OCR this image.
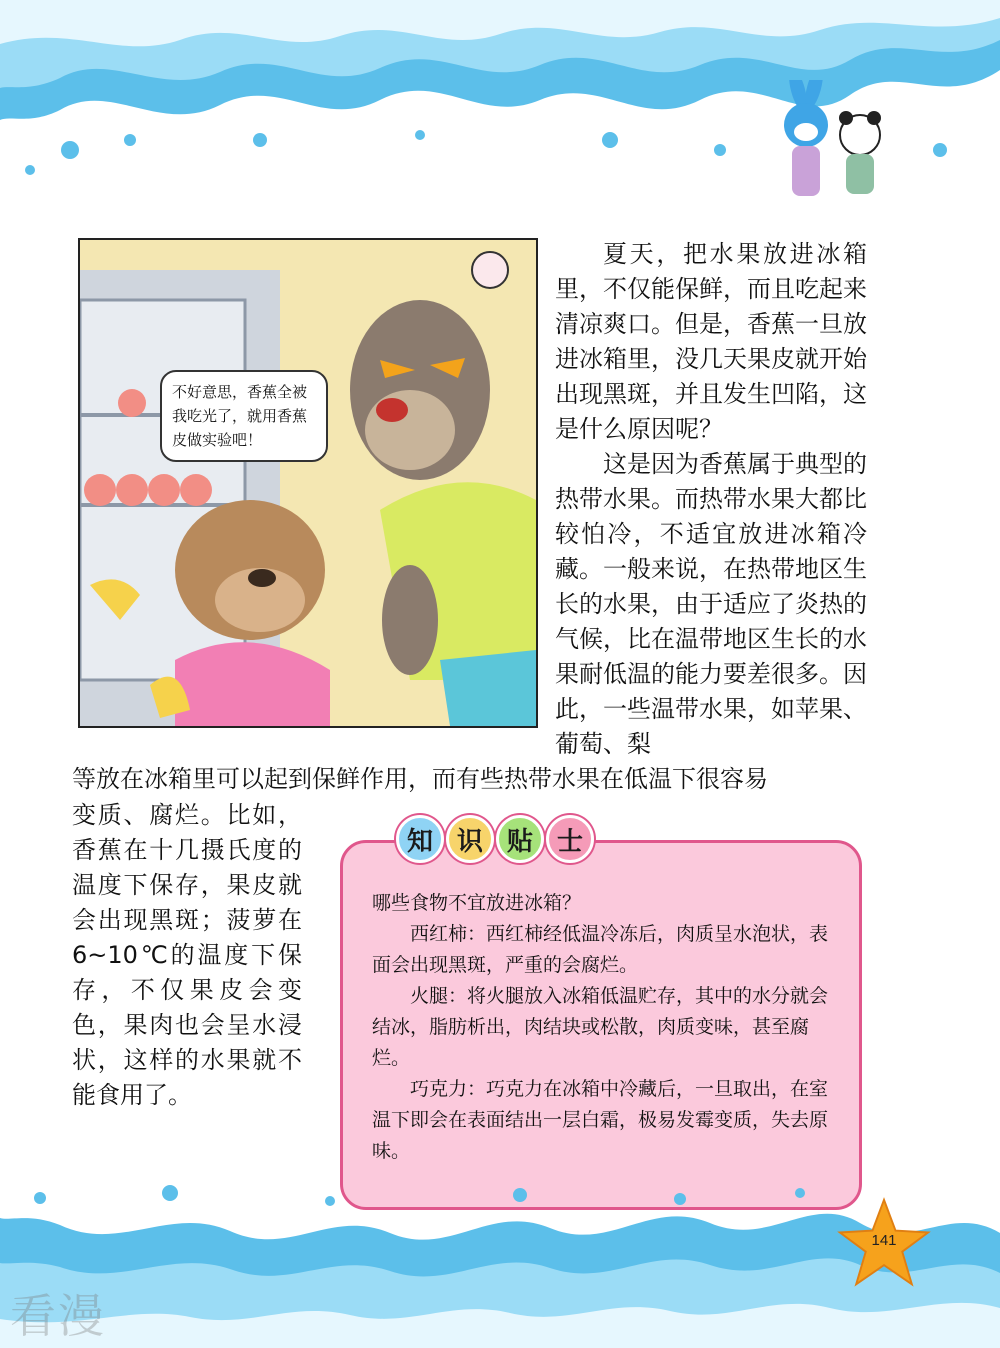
不好意思，香蕉全被我吃光了，就用香蕉皮做实验吧！

夏天，把水果放进冰箱里，不仅能保鲜，而且吃起来清凉爽口。但是，香蕉一旦放进冰箱里，没几天果皮就开始出现黑斑，并且发生凹陷，这是什么原因呢？
这是因为香蕉属于典型的热带水果。而热带水果大都比较怕冷，不适宜放进冰箱冷藏。一般来说，在热带地区生长的水果，由于适应了炎热的气候，比在温带地区生长的水果耐低温的能力要差很多。因此，一些温带水果，如苹果、葡萄、梨

等放在冰箱里可以起到保鲜作用，而有些热带水果在低温下很容易

变质、腐烂。比如，香蕉在十几摄氏度的温度下保存，果皮就会出现黑斑；菠萝在 6~10℃的温度下保存，不仅果皮会变色，果肉也会呈水浸状，这样的水果就不能食用了。

知 识 贴 士

哪些食物不宜放进冰箱？

西红柿：西红柿经低温冷冻后，肉质呈水泡状，表面会出现黑斑，严重的会腐烂。

火腿：将火腿放入冰箱低温贮存，其中的水分就会结冰，脂肪析出，肉结块或松散，肉质变味，甚至腐烂。

巧克力：巧克力在冰箱中冷藏后，一旦取出，在室温下即会在表面结出一层白霜，极易发霉变质，失去原味。

141
看漫
